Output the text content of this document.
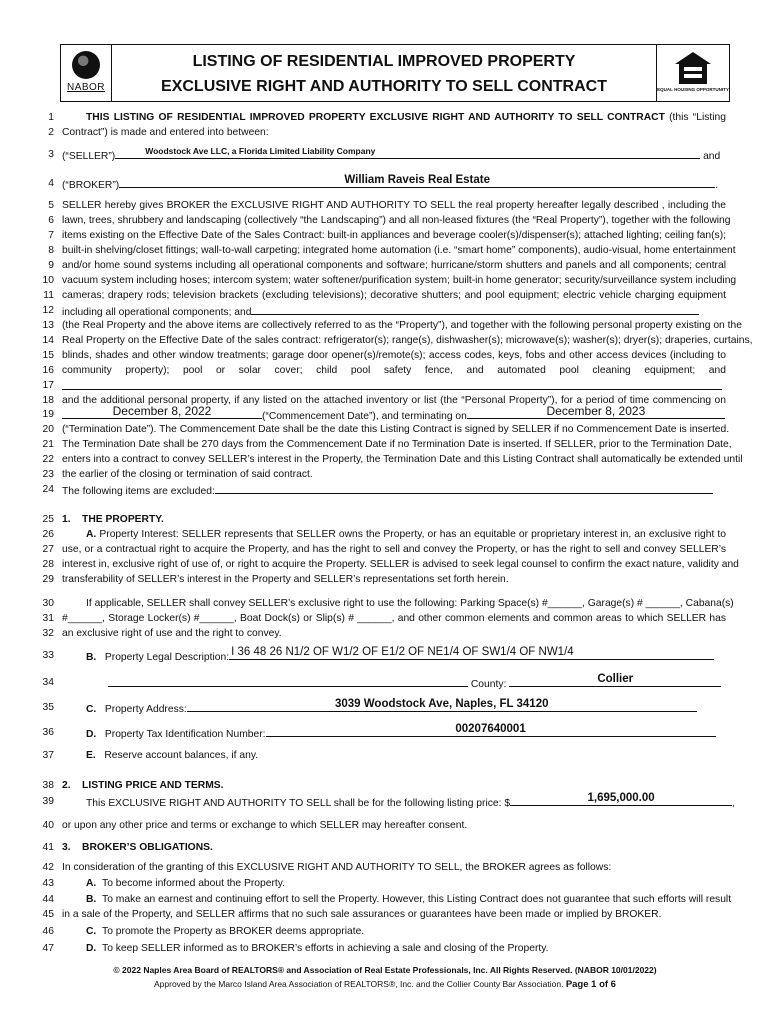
NABOR
LISTING OF RESIDENTIAL IMPROVED PROPERTY
EXCLUSIVE RIGHT AND AUTHORITY TO SELL CONTRACT	EQUAL HOUSING OPPORTUNITY
1	THIS LISTING OF RESIDENTIAL IMPROVED PROPERTY EXCLUSIVE RIGHT AND AUTHORITY TO SELL CONTRACT (this “Listing
2 Contract”) is made and entered into between:
3 (“SELLER”)	Woodstock Ave LLC, a Florida Limited Liability Company	and
4 (“BROKER”)	William Raveis Real Estate	.
5 SELLER hereby gives BROKER the EXCLUSIVE RIGHT AND AUTHORITY TO SELL the real property hereafter legally described , including the
6 lawn, trees, shrubbery and landscaping (collectively “the Landscaping”) and all non-leased fixtures (the “Real Property”), together with the following
7 items existing on the Effective Date of the Sales Contract: built-in appliances and beverage cooler(s)/dispenser(s); attached lighting; ceiling fan(s);
8 built-in shelving/closet fittings; wall-to-wall carpeting; integrated home automation (i.e. “smart home” components), audio-visual, home entertainment
9 and/or home sound systems including all operational components and software; hurricane/storm shutters and panels and all components; central
10 vacuum system including hoses; intercom system; water softener/purification system; built-in home generator; security/surveillance system including
11 cameras; drapery rods; television brackets (excluding televisions); decorative shutters; and pool equipment; electric vehicle charging equipment
12 including all operational components; and
13 (the Real Property and the above items are collectively referred to as the “Property”), and together with the following personal property existing on the
14 Real Property on the Effective Date of the sales contract: refrigerator(s); range(s), dishwasher(s); microwave(s); washer(s); dryer(s); draperies, curtains,
15 blinds, shades and other window treatments; garage door opener(s)/remote(s); access codes, keys, fobs and other access devices (including to
16 community property); pool or solar cover; child pool safety fence, and automated pool cleaning equipment; and
17
18 and the additional personal property, if any listed on the attached inventory or list (the “Personal Property”), for a period of time commencing on
19	December 8, 2022	(“Commencement Date”), and terminating on	December 8, 2023
20 (“Termination Date”). The Commencement Date shall be the date this Listing Contract is signed by SELLER if no Commencement Date is inserted.
21 The Termination Date shall be 270 days from the Commencement Date if no Termination Date is inserted. If SELLER, prior to the Termination Date,
22 enters into a contract to convey SELLER’s interest in the Property, the Termination Date and this Listing Contract shall automatically be extended until
23 the earlier of the closing or termination of said contract.
24 The following items are excluded:
25 1. THE PROPERTY.
26	A. Property Interest: SELLER represents that SELLER owns the Property, or has an equitable or proprietary interest in, an exclusive right to
27 use, or a contractual right to acquire the Property, and has the right to sell and convey the Property, or has the right to sell and convey SELLER’s
28 interest in, exclusive right of use of, or right to acquire the Property. SELLER is advised to seek legal counsel to confirm the exact nature, validity and
29 transferability of SELLER’s interest in the Property and SELLER’s representations set forth herein.
30	If applicable, SELLER shall convey SELLER’s exclusive right to use the following: Parking Space(s) #______, Garage(s) # ______, Cabana(s)
31 #______, Storage Locker(s) #______, Boat Dock(s) or Slip(s) # ______, and other common elements and common areas to which SELLER has
32 an exclusive right of use and the right to convey.
33	B. Property Legal Description: I 36 48 26 N1/2 OF W1/2 OF E1/2 OF NE1/4 OF SW1/4 OF NW1/4
34	County:	Collier
35	C. Property Address:	3039 Woodstock Ave, Naples, FL 34120
36	D. Property Tax Identification Number:	00207640001
37	E. Reserve account balances, if any.
38 2. LISTING PRICE AND TERMS.
39	This EXCLUSIVE RIGHT AND AUTHORITY TO SELL shall be for the following listing price: $	1,695,000.00	,
40 or upon any other price and terms or exchange to which SELLER may hereafter consent.
41 3. BROKER’S OBLIGATIONS.
42 In consideration of the granting of this EXCLUSIVE RIGHT AND AUTHORITY TO SELL, the BROKER agrees as follows:
43	A. To become informed about the Property.
44	B. To make an earnest and continuing effort to sell the Property. However, this Listing Contract does not guarantee that such efforts will result
45 in a sale of the Property, and SELLER affirms that no such sale assurances or guarantees have been made or implied by BROKER.
46	C. To promote the Property as BROKER deems appropriate.
47	D. To keep SELLER informed as to BROKER’s efforts in achieving a sale and closing of the Property.
© 2022 Naples Area Board of REALTORS® and Association of Real Estate Professionals, Inc. All Rights Reserved. (NABOR 10/01/2022)
Approved by the Marco Island Area Association of REALTORS®, Inc. and the Collier County Bar Association. Page 1 of 6
